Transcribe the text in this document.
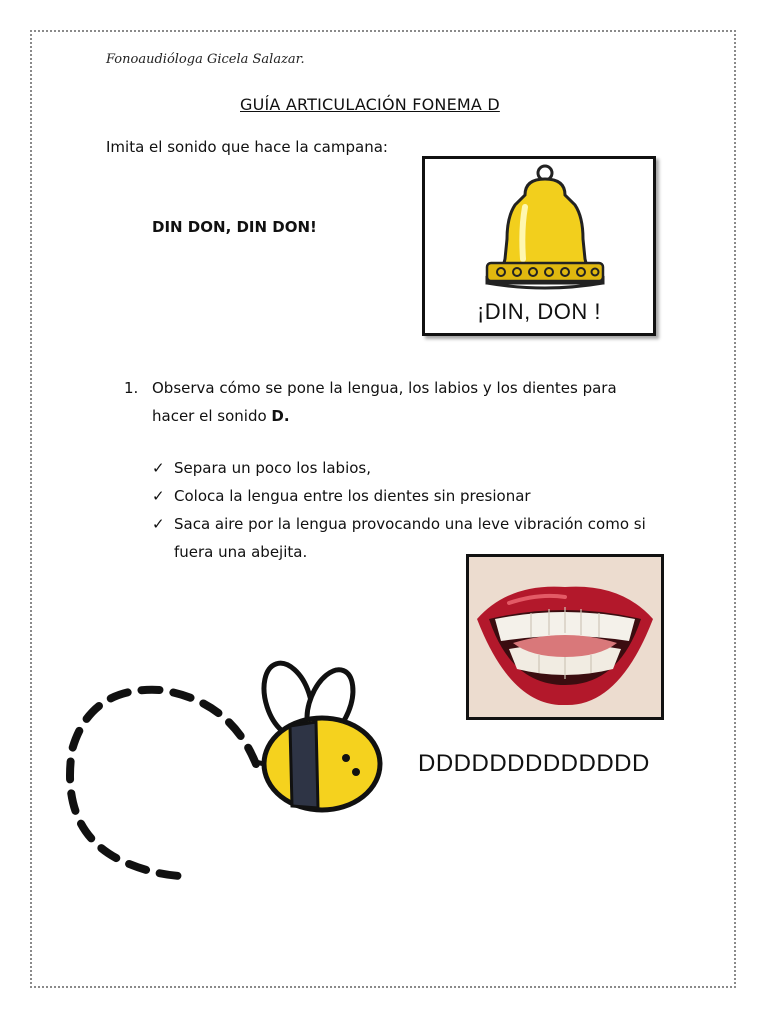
Fonoaudióloga Gicela Salazar.
GUÍA ARTICULACIÓN FONEMA D
Imita el sonido que hace la campana:
DIN DON, DIN DON!
¡DIN, DON !
1. Observa cómo se pone la lengua, los labios y los dientes para hacer el sonido D.
✓ Separa un poco los labios,
✓ Coloca la lengua entre los dientes sin presionar
✓ Saca aire por la lengua provocando una leve vibración como si fuera una abejita.
DDDDDDDDDDDDD
